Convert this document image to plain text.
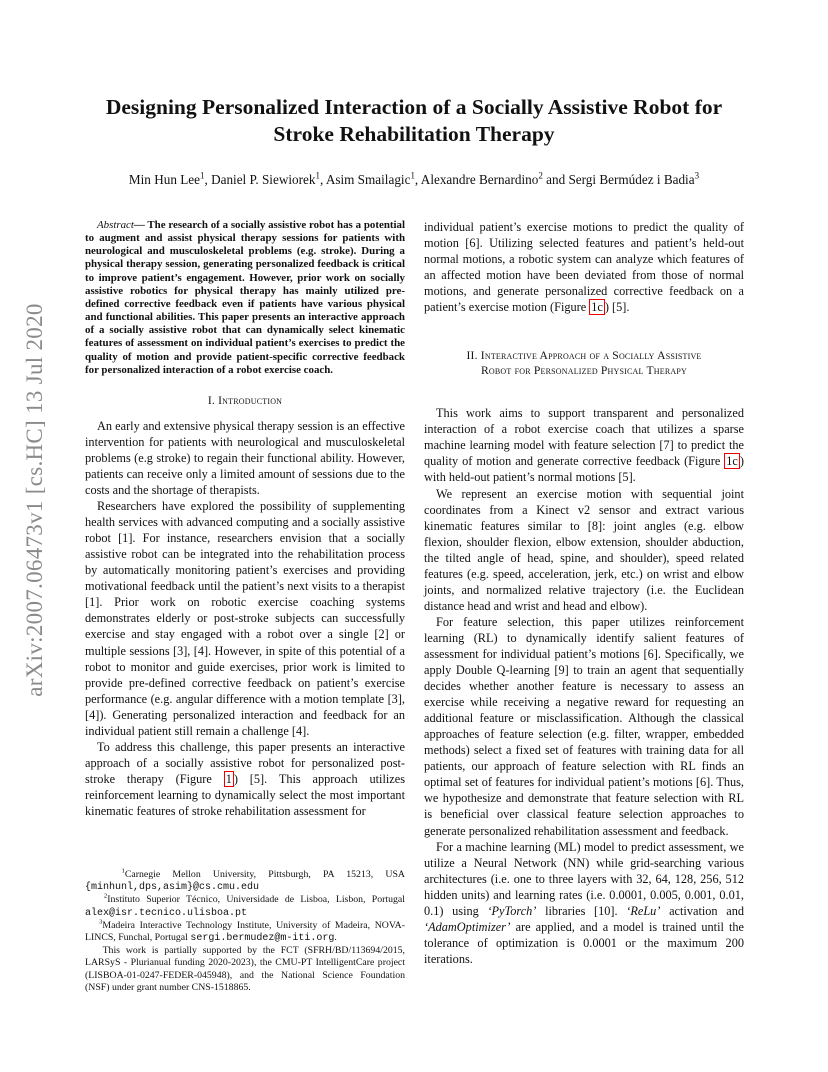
arXiv:2007.06473v1 [cs.HC] 13 Jul 2020
Designing Personalized Interaction of a Socially Assistive Robot for
Stroke Rehabilitation Therapy
Min Hun Lee$^1$, Daniel P. Siewiorek$^1$, Asim Smailagic$^1$, Alexandre Bernardino$^2$ and Sergi Bermúdez i Badia$^3$

Abstract— The research of a socially assistive robot has a potential to augment and assist physical therapy sessions for patients with neurological and musculoskeletal problems (e.g. stroke). During a physical therapy session, generating personalized feedback is critical to improve patient’s engagement. However, prior work on socially assistive robotics for physical therapy has mainly utilized pre-defined corrective feedback even if patients have various physical and functional abilities. This paper presents an interactive approach of a socially assistive robot that can dynamically select kinematic features of assessment on individual patient’s exercises to predict the quality of motion and provide patient-specific corrective feedback for personalized interaction of a robot exercise coach.

I. Introduction

An early and extensive physical therapy session is an effective intervention for patients with neurological and musculoskeletal problems (e.g stroke) to regain their functional ability. However, patients can receive only a limited amount of sessions due to the costs and the shortage of therapists.

Researchers have explored the possibility of supplementing health services with advanced computing and a socially assistive robot [1]. For instance, researchers envision that a socially assistive robot can be integrated into the rehabilitation process by automatically monitoring patient’s exercises and providing motivational feedback until the patient’s next visits to a therapist [1]. Prior work on robotic exercise coaching systems demonstrates elderly or post-stroke subjects can successfully exercise and stay engaged with a robot over a single [2] or multiple sessions [3], [4]. However, in spite of this potential of a robot to monitor and guide exercises, prior work is limited to provide pre-defined corrective feedback on patient’s exercise performance (e.g. angular difference with a motion template [3], [4]). Generating personalized interaction and feedback for an individual patient still remain a challenge [4].

To address this challenge, this paper presents an interactive approach of a socially assistive robot for personalized post-stroke therapy (Figure 1 ) [5]. This approach utilizes reinforcement learning to dynamically select the most important kinematic features of stroke rehabilitation assessment for

$^1$Carnegie Mellon University, Pittsburgh, PA 15213, USA {minhunl,dps,asim}@cs.cmu.edu

$^2$Instituto Superior Técnico, Universidade de Lisboa, Lisbon, Portugal alex@isr.tecnico.ulisboa.pt

$^3$Madeira Interactive Technology Institute, University of Madeira, NOVA-LINCS, Funchal, Portugal sergi.bermudez@m-iti.org.

This work is partially supported by the FCT (SFRH/BD/113694/2015, LARSyS - Plurianual funding 2020-2023), the CMU-PT IntelligentCare project (LISBOA-01-0247-FEDER-045948), and the National Science Foundation (NSF) under grant number CNS-1518865.

individual patient’s exercise motions to predict the quality of motion [6]. Utilizing selected features and patient’s held-out normal motions, a robotic system can analyze which features of an affected motion have been deviated from those of normal motions, and generate personalized corrective feedback on a patient’s exercise motion (Figure 1c ) [5].

II. Interactive Approach of a Socially Assistive
Robot for Personalized Physical Therapy

This work aims to support transparent and personalized interaction of a robot exercise coach that utilizes a sparse machine learning model with feature selection [7] to predict the quality of motion and generate corrective feedback (Figure 1c ) with held-out patient’s normal motions [5].

We represent an exercise motion with sequential joint coordinates from a Kinect v2 sensor and extract various kinematic features similar to [8]: joint angles (e.g. elbow flexion, shoulder flexion, elbow extension, shoulder abduction, the tilted angle of head, spine, and shoulder), speed related features (e.g. speed, acceleration, jerk, etc.) on wrist and elbow joints, and normalized relative trajectory (i.e. the Euclidean distance head and wrist and head and elbow).

For feature selection, this paper utilizes reinforcement learning (RL) to dynamically identify salient features of assessment for individual patient’s motions [6]. Specifically, we apply Double Q-learning [9] to train an agent that sequentially decides whether another feature is necessary to assess an exercise while receiving a negative reward for requesting an additional feature or misclassification. Although the classical approaches of feature selection (e.g. filter, wrapper, embedded methods) select a fixed set of features with training data for all patients, our approach of feature selection with RL finds an optimal set of features for individual patient’s motions [6]. Thus, we hypothesize and demonstrate that feature selection with RL is beneficial over classical feature selection approaches to generate personalized rehabilitation assessment and feedback.

For a machine learning (ML) model to predict assessment, we utilize a Neural Network (NN) while grid-searching various architectures (i.e. one to three layers with 32, 64, 128, 256, 512 hidden units) and learning rates (i.e. 0.0001, 0.005, 0.001, 0.01, 0.1) using ‘PyTorch’ libraries [10]. ‘ReLu’ activation and ‘AdamOptimizer’ are applied, and a model is trained until the tolerance of optimization is 0.0001 or the maximum 200 iterations.
